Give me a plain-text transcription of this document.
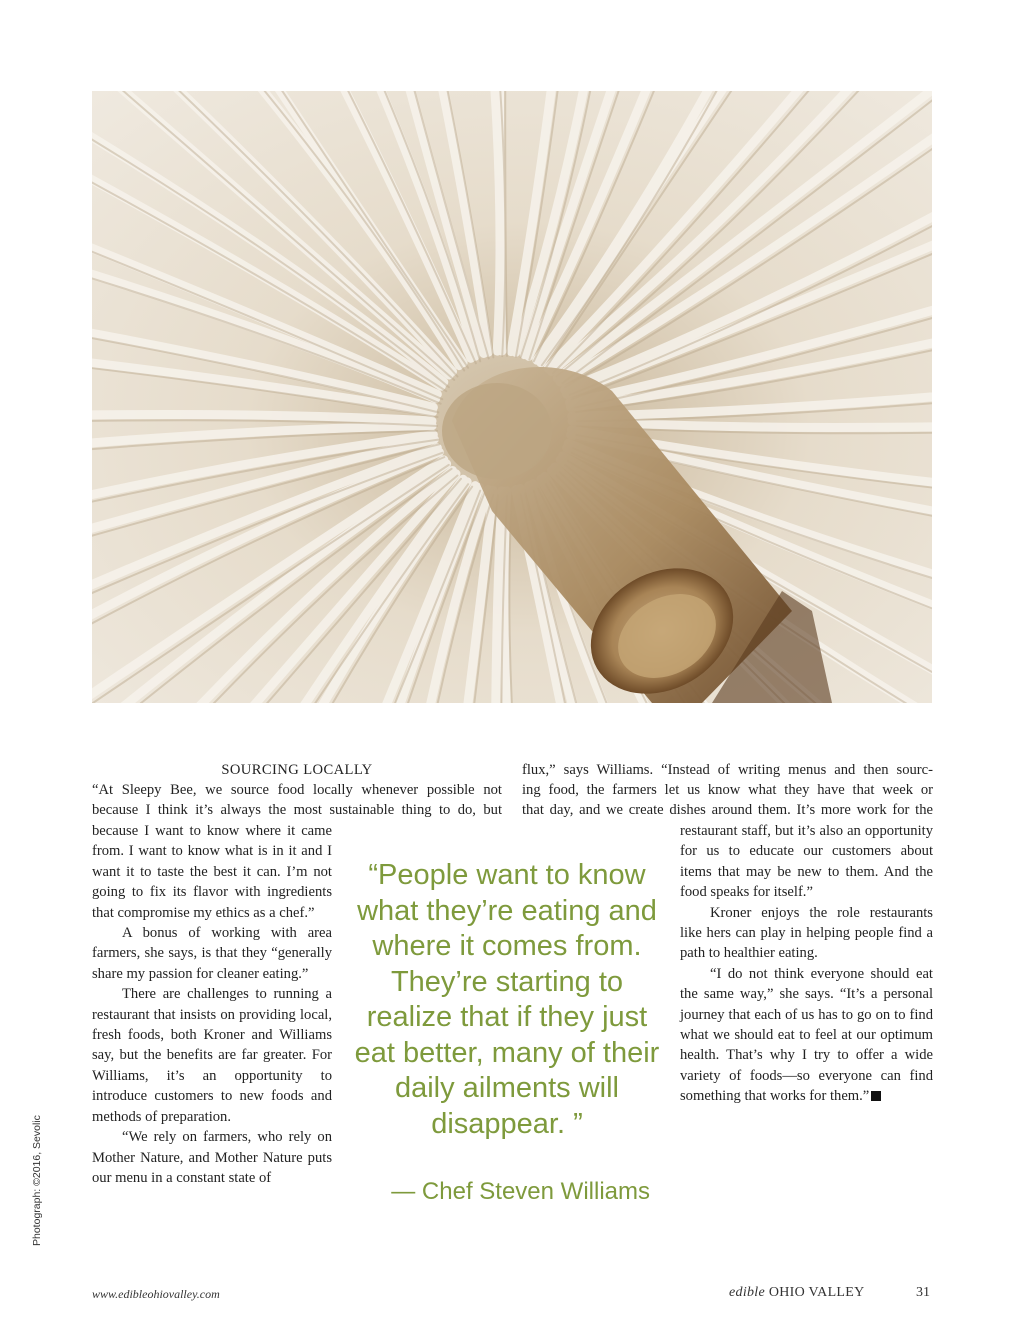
Photograph: ©2016, Sevolic
SOURCING LOCALLY
“At Sleepy Bee, we source food locally whenever possible not
because I think it’s always the most sustainable thing to do, but

because I want to know where it came from. I want to know what is in it and I want it to taste the best it can. I’m not going to fix its flavor with ingredients that compromise my ethics as a chef.”

A bonus of working with area farmers, she says, is that they “generally share my passion for cleaner eating.”

There are challenges to running a restaurant that insists on providing local, fresh foods, both Kroner and Williams say, but the benefits are far greater. For Williams, it’s an opportunity to introduce customers to new foods and methods of preparation.

“We rely on farmers, who rely on Mother Nature, and Mother Nature puts our menu in a constant state of

flux,” says Williams. “Instead of writing menus and then sourc-
ing food, the farmers let us know what they have that week or
that day, and we create dishes around them. It’s more work for the

restaurant staff, but it’s also an opportunity for us to educate our customers about items that may be new to them. And the food speaks for itself.”

Kroner enjoys the role restaurants like hers can play in helping people find a path to healthier eating.

“I do not think everyone should eat the same way,” she says. “It’s a personal journey that each of us has to go on to find what we should eat to feel at our optimum health. That’s why I try to offer a wide variety of foods—so everyone can find something that works for them.”

“People want to know what they’re eating and where it comes from. They’re starting to realize that if they just eat better, many of their daily ailments will disappear. ”
— Chef Steven Williams
www.edibleohiovalley.com	edible OHIO VALLEY	31
